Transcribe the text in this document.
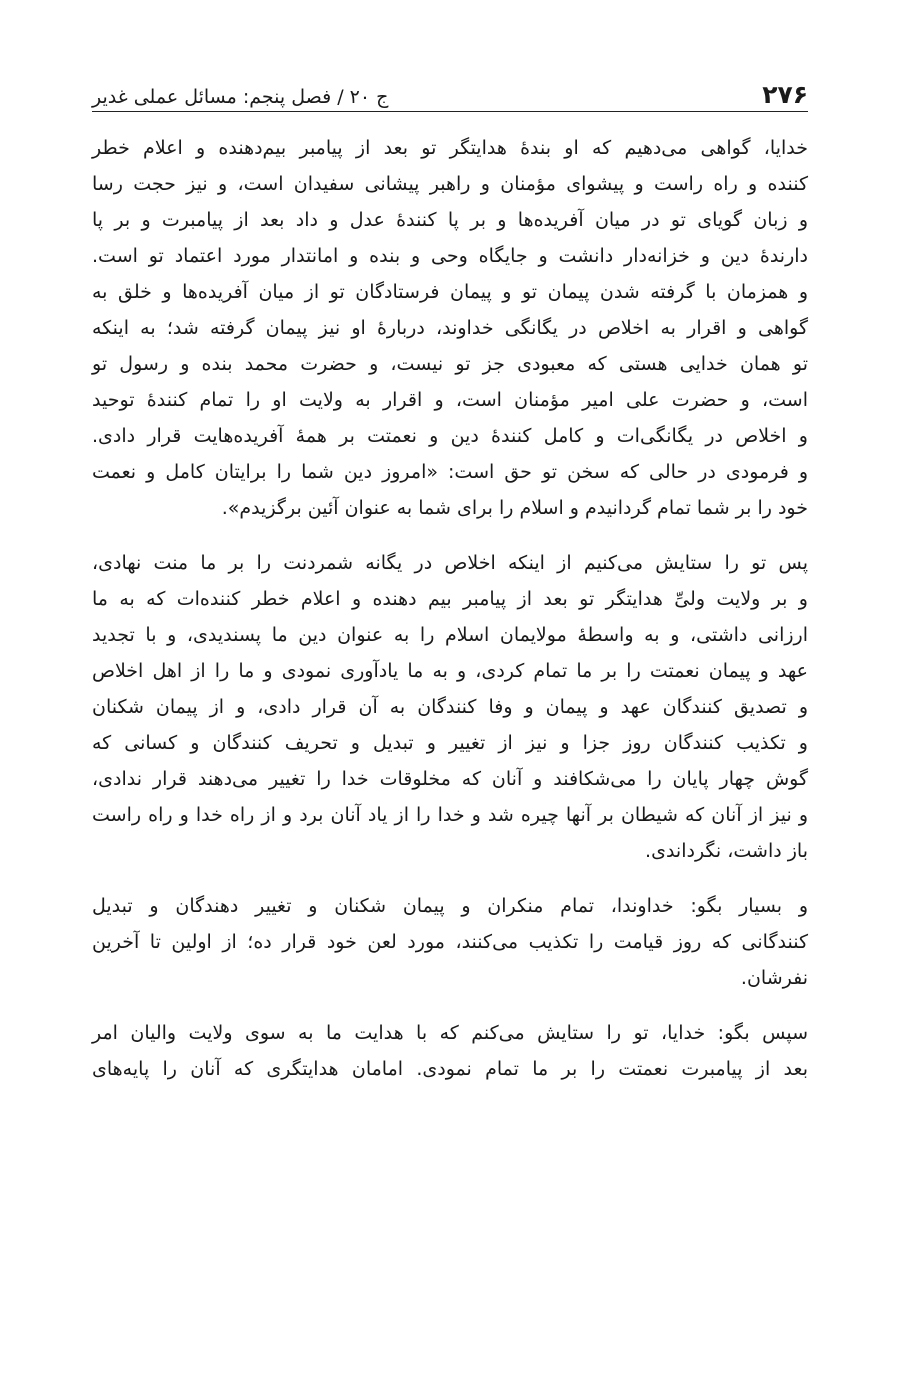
۲۷۶
ج ۲۰ / فصل پنجم: مسائل عملی غدیر

خدایا، گواهی می‌دهیم که او بندهٔ هدایتگر تو بعد از پیامبر بیم‌دهنده و اعلام خطر
کننده و راه راست و پیشوای مؤمنان و راهبر پیشانی سفیدان است، و نیز حجت رسا
و زبان گویای تو در میان آفریده‌ها و بر پا کنندهٔ عدل و داد بعد از پیامبرت و بر پا
دارندهٔ دین و خزانه‌دار دانشت و جایگاه وحی و بنده و امانتدار مورد اعتماد تو است.
و همزمان با گرفته شدن پیمان تو و پیمان فرستادگان تو از میان آفریده‌ها و خلق به
گواهی و اقرار به اخلاص در یگانگی خداوند، دربارهٔ او نیز پیمان گرفته شد؛ به اینکه
تو همان خدایی هستی که معبودی جز تو نیست، و حضرت محمد بنده و رسول تو
است، و حضرت علی امیر مؤمنان است، و اقرار به ولایت او را تمام کنندهٔ توحید
و اخلاص در یگانگی‌ات و کامل کنندهٔ دین و نعمتت بر همهٔ آفریده‌هایت قرار دادی.
و فرمودی در حالی که سخن تو حق است: «امروز دین شما را برایتان کامل و نعمت
خود را بر شما تمام گردانیدم و اسلام را برای شما به عنوان آئین برگزیدم».

پس تو را ستایش می‌کنیم از اینکه اخلاص در یگانه شمردنت را بر ما منت نهادی،
و بر ولایت ولیِّ هدایتگر تو بعد از پیامبر بیم دهنده و اعلام خطر کننده‌ات که به ما
ارزانی داشتی، و به واسطهٔ مولایمان اسلام را به عنوان دین ما پسندیدی، و با تجدید
عهد و پیمان نعمتت را بر ما تمام کردی، و به ما یادآوری نمودی و ما را از اهل اخلاص
و تصدیق کنندگان عهد و پیمان و وفا کنندگان به آن قرار دادی، و از پیمان شکنان
و تکذیب کنندگان روز جزا و نیز از تغییر و تبدیل و تحریف کنندگان و کسانی که
گوش چهار پایان را می‌شکافند و آنان که مخلوقات خدا را تغییر می‌دهند قرار ندادی،
و نیز از آنان که شیطان بر آنها چیره شد و خدا را از یاد آنان برد و از راه خدا و راه راست
باز داشت، نگرداندی.

و بسیار بگو: خداوندا، تمام منکران و پیمان شکنان و تغییر دهندگان و تبدیل
کنندگانی که روز قیامت را تکذیب می‌کنند، مورد لعن خود قرار ده؛ از اولین تا آخرین
نفرشان.

سپس بگو: خدایا، تو را ستایش می‌کنم که با هدایت ما به سوی ولایت والیان امر
بعد از پیامبرت نعمتت را بر ما تمام نمودی. امامان هدایتگری که آنان را پایه‌های
